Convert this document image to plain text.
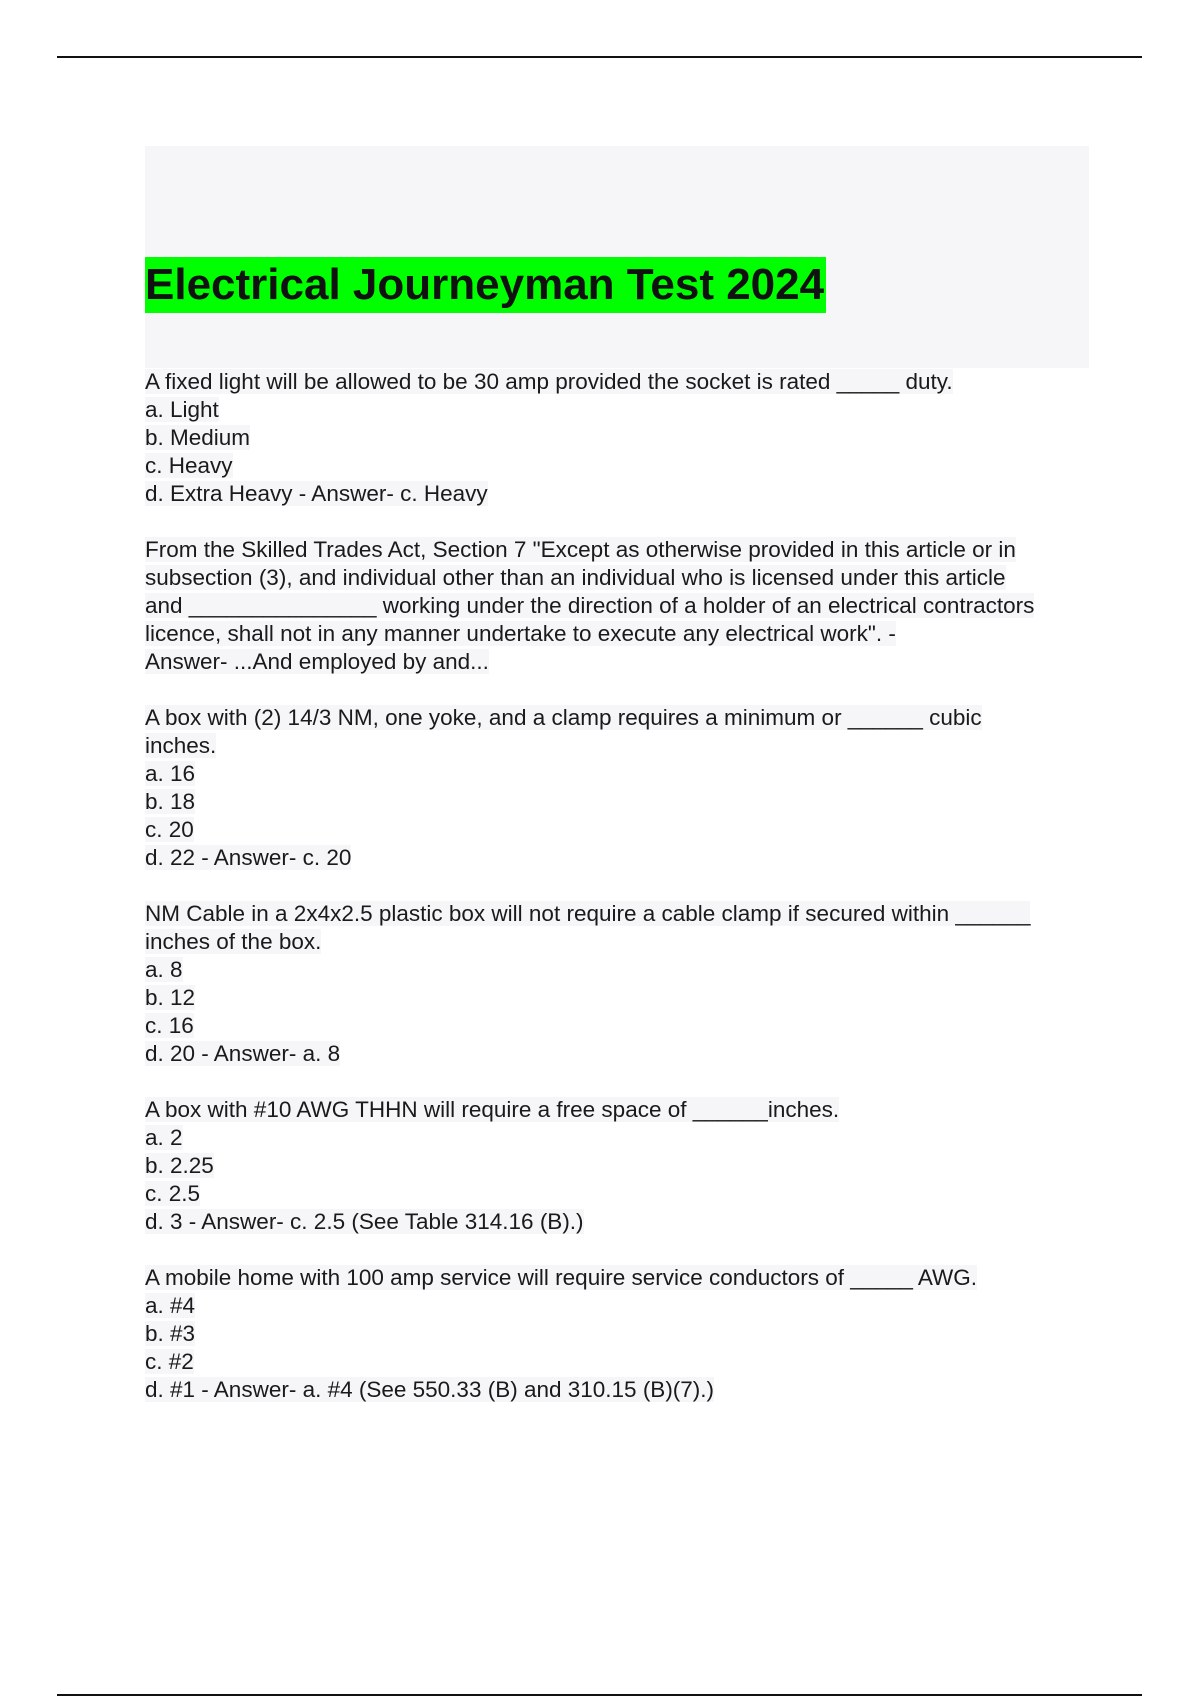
Electrical Journeyman Test 2024
A fixed light will be allowed to be 30 amp provided the socket is rated _____ duty.
a. Light
b. Medium
c. Heavy
d. Extra Heavy - Answer- c. Heavy
From the Skilled Trades Act, Section 7 "Except as otherwise provided in this article or in
subsection (3), and individual other than an individual who is licensed under this article
and _______________ working under the direction of a holder of an electrical contractors
licence, shall not in any manner undertake to execute any electrical work". -
Answer- ...And employed by and...
A box with (2) 14/3 NM, one yoke, and a clamp requires a minimum or ______ cubic
inches.
a. 16
b. 18
c. 20
d. 22 - Answer- c. 20
NM Cable in a 2x4x2.5 plastic box will not require a cable clamp if secured within ______
inches of the box.
a. 8
b. 12
c. 16
d. 20 - Answer- a. 8
A box with #10 AWG THHN will require a free space of ______inches.
a. 2
b. 2.25
c. 2.5
d. 3 - Answer- c. 2.5 (See Table 314.16 (B).)
A mobile home with 100 amp service will require service conductors of _____ AWG.
a. #4
b. #3
c. #2
d. #1 - Answer- a. #4 (See 550.33 (B) and 310.15 (B)(7).)
